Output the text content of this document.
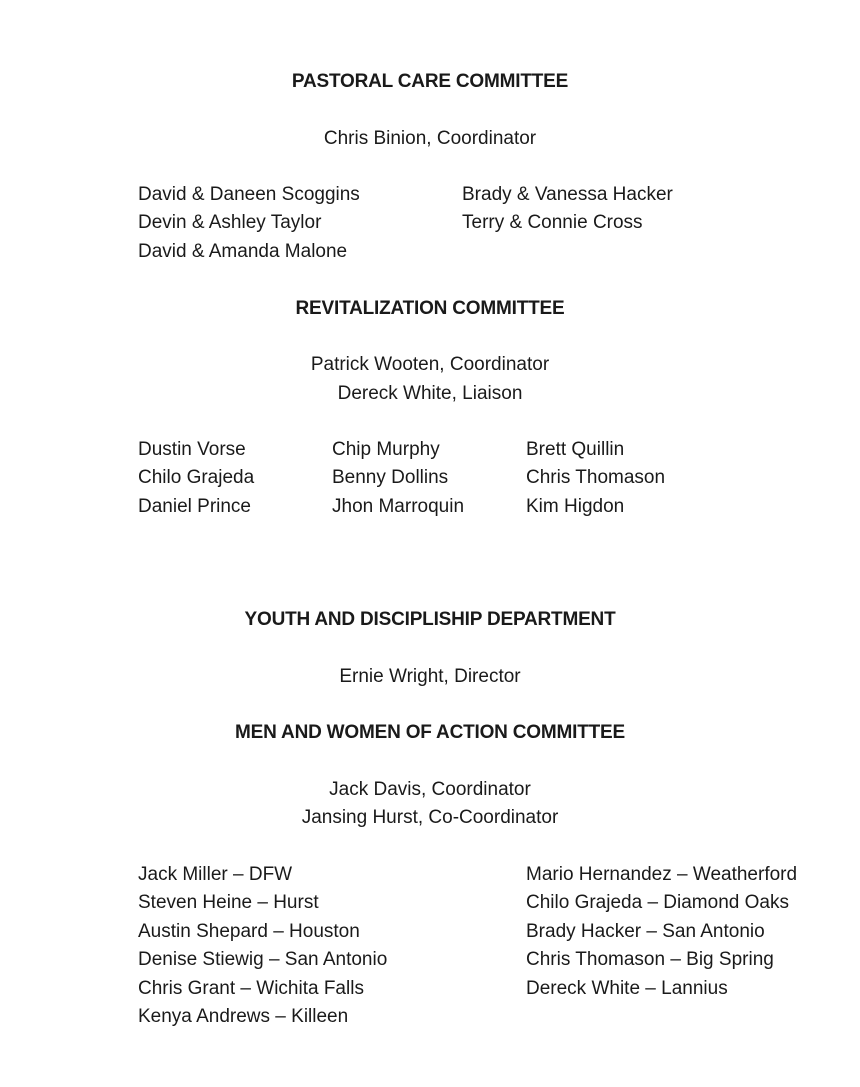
PASTORAL CARE COMMITTEE
Chris Binion, Coordinator
David & Daneen Scoggins
Devin & Ashley Taylor
David & Amanda Malone
Brady & Vanessa Hacker
Terry & Connie Cross
REVITALIZATION COMMITTEE
Patrick Wooten, Coordinator
Dereck White, Liaison
Dustin Vorse
Chilo Grajeda
Daniel Prince
Chip Murphy
Benny Dollins
Jhon Marroquin
Brett Quillin
Chris Thomason
Kim Higdon
YOUTH AND DISCIPLISHIP DEPARTMENT
Ernie Wright, Director
MEN AND WOMEN OF ACTION COMMITTEE
Jack Davis, Coordinator
Jansing Hurst, Co-Coordinator
Jack Miller – DFW
Steven Heine – Hurst
Austin Shepard – Houston
Denise Stiewig – San Antonio
Chris Grant – Wichita Falls
Kenya Andrews – Killeen
Mario Hernandez – Weatherford
Chilo Grajeda – Diamond Oaks
Brady Hacker – San Antonio
Chris Thomason – Big Spring
Dereck White – Lannius
